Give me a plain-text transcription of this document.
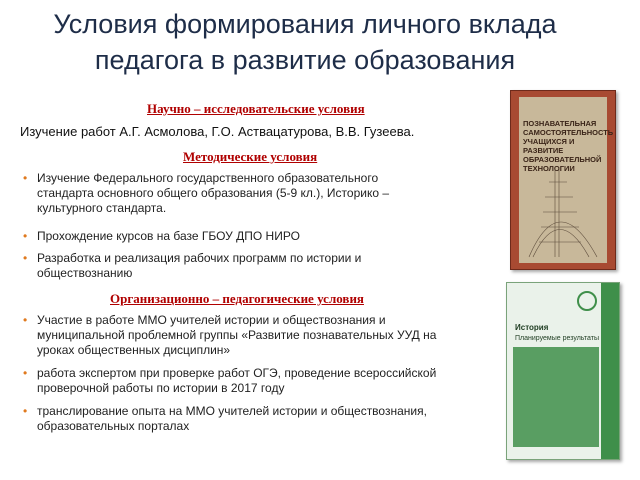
Условия формирования личного вклада
педагога в развитие образования
Научно – исследовательские условия
Изучение работ А.Г. Асмолова, Г.О. Аствацатурова, В.В. Гузеева.
Методические условия
• Изучение Федерального государственного образовательного
стандарта основного общего образования (5-9 кл.), Историко –
культурного стандарта.
• Прохождение курсов на базе ГБОУ ДПО НИРО
• Разработка и реализация рабочих программ по истории и
обществознанию
Организационно – педагогические условия
• Участие в работе ММО учителей истории и обществознания и
муниципальной проблемной группы «Развитие познавательных УУД на
уроках общественных дисциплин»
• работа экспертом при проверке работ ОГЭ, проведение всероссийской
проверочной работы по истории в 2017 году
• транслирование опыта на ММО учителей истории и обществознания,
образовательных порталах
ПОЗНАВАТЕЛЬНАЯ САМОСТОЯТЕЛЬНОСТЬ УЧАЩИХСЯ И РАЗВИТИЕ ОБРАЗОВАТЕЛЬНОЙ ТЕХНОЛОГИИ
История
Планируемые результаты
